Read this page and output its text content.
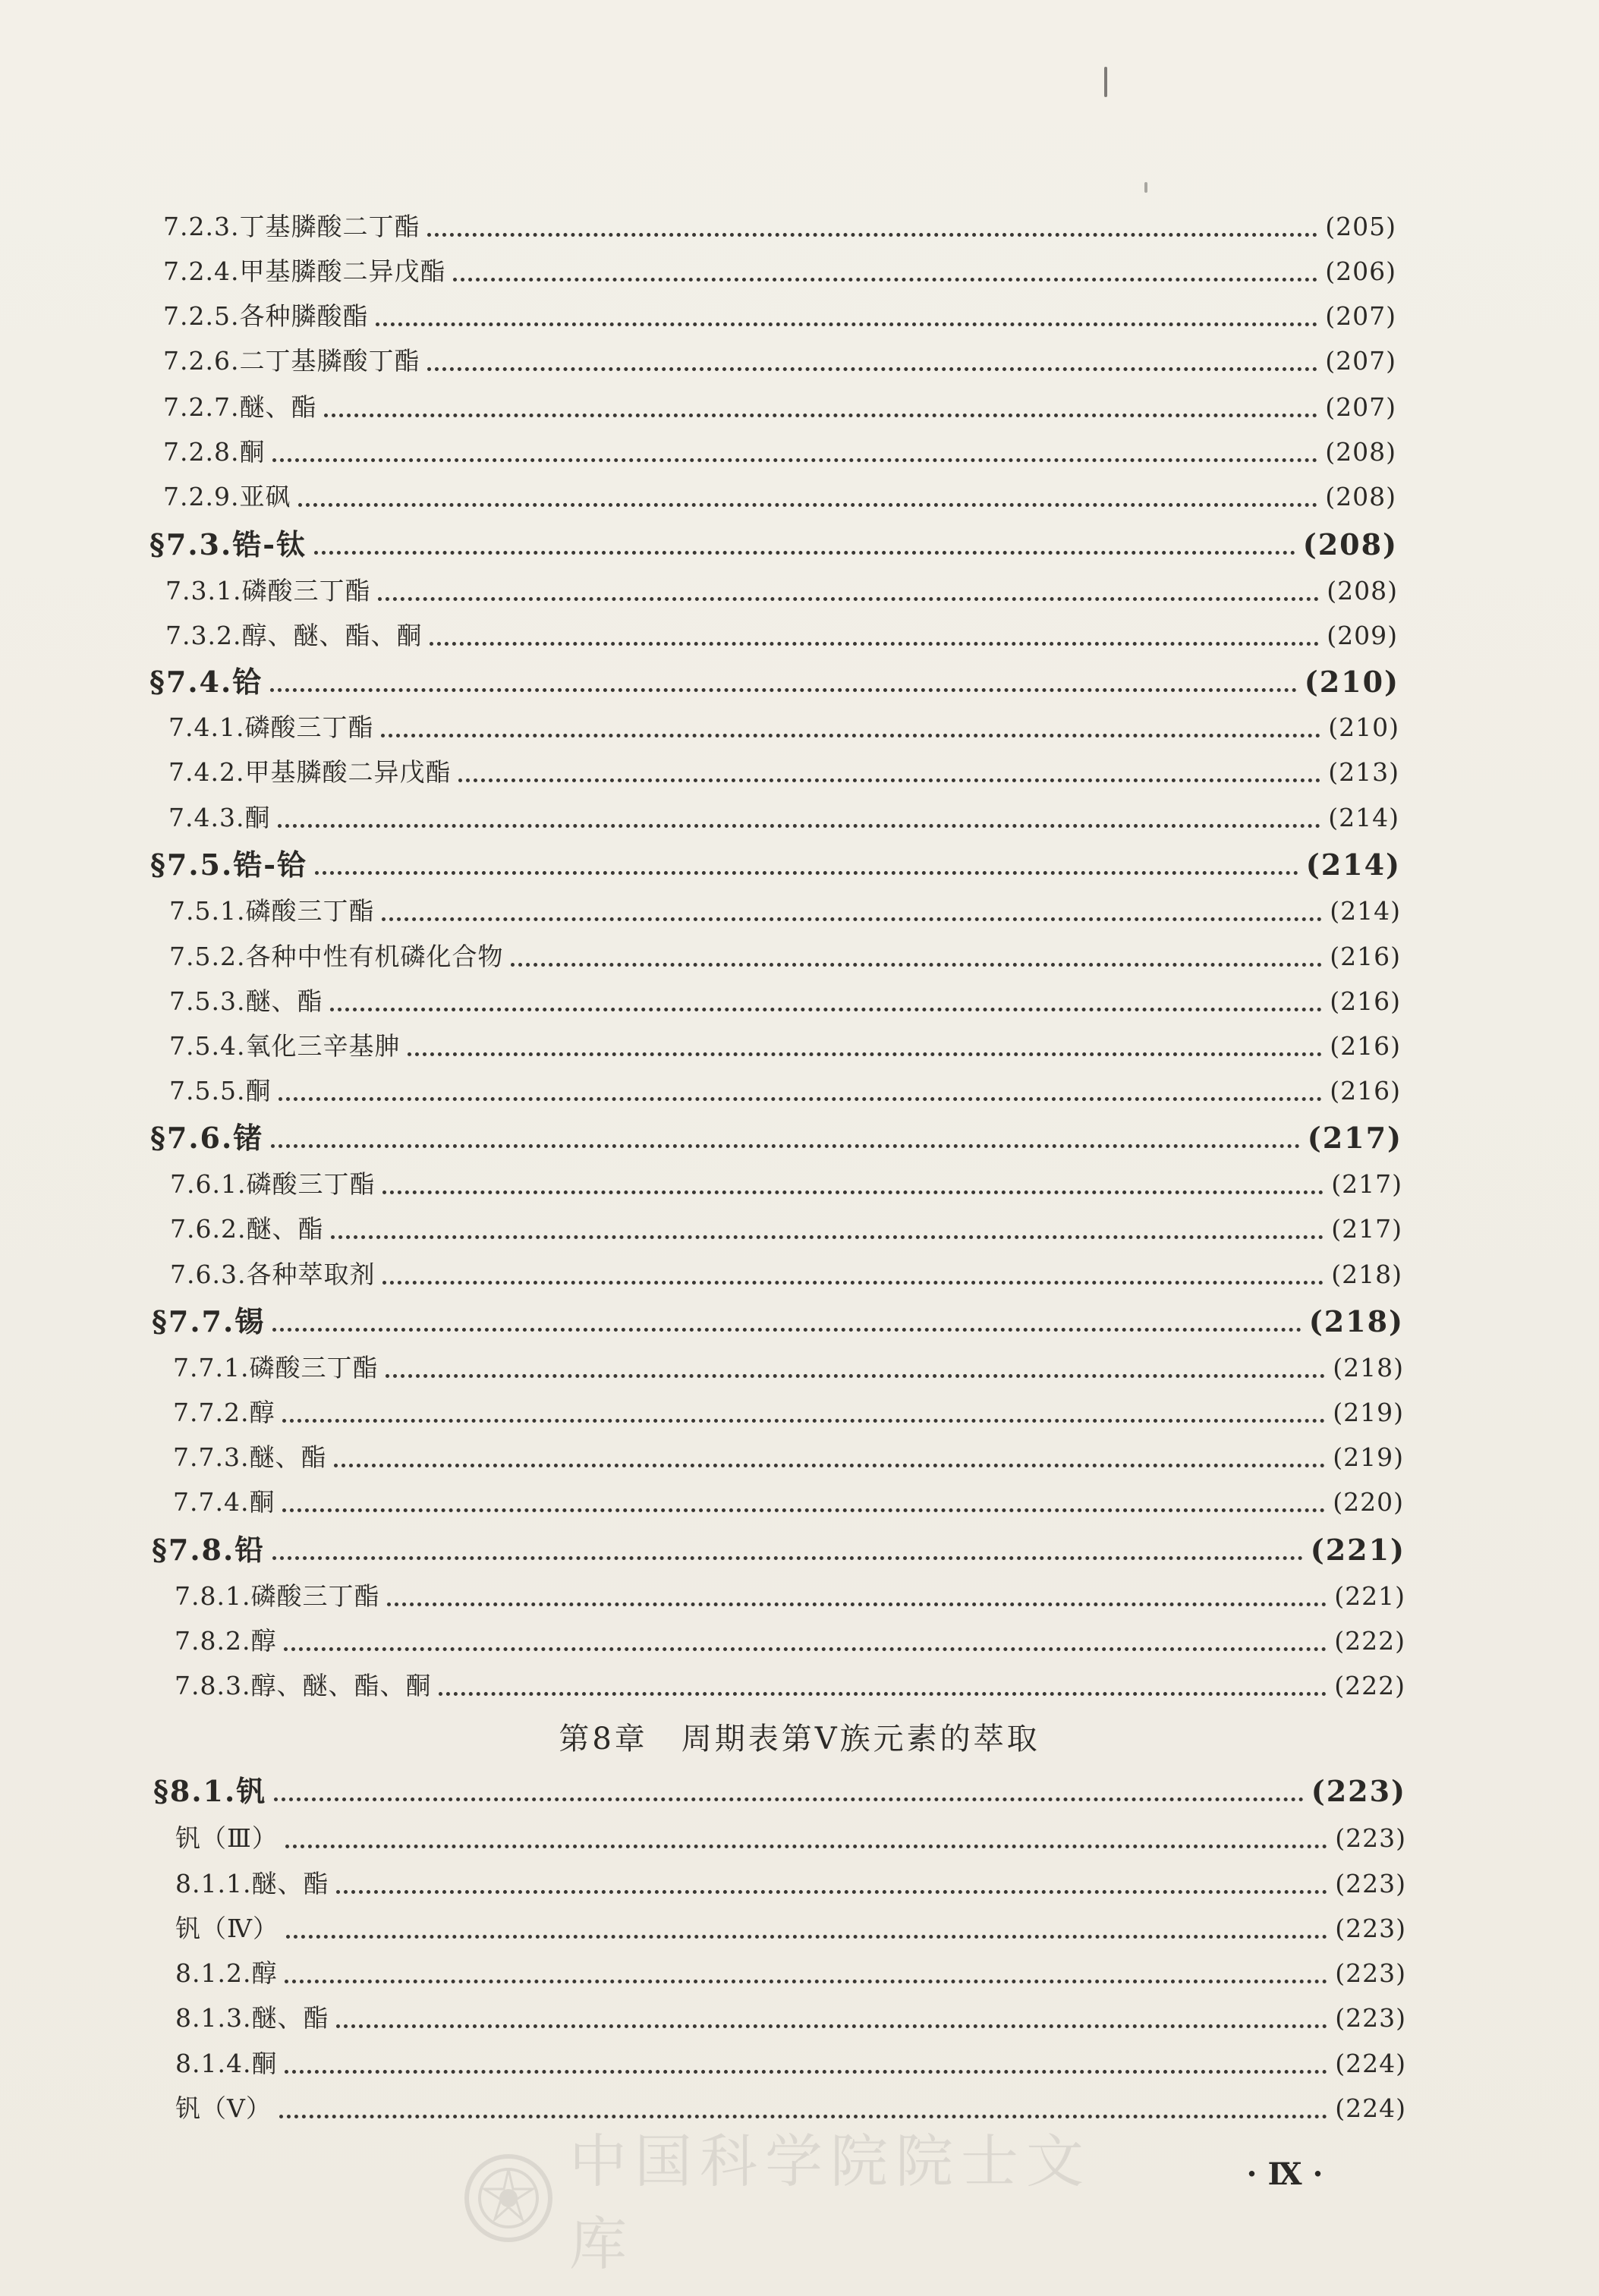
7.2.3.丁基膦酸二丁酯	(205)
7.2.4.甲基膦酸二异戊酯	(206)
7.2.5.各种膦酸酯	(207)
7.2.6.二丁基膦酸丁酯	(207)
7.2.7.醚、酯	(207)
7.2.8.酮	(208)
7.2.9.亚砜	(208)
§7.3.锆-钛	(208)
7.3.1.磷酸三丁酯	(208)
7.3.2.醇、醚、酯、酮	(209)
§7.4.铪	(210)
7.4.1.磷酸三丁酯	(210)
7.4.2.甲基膦酸二异戊酯	(213)
7.4.3.酮	(214)
§7.5.锆-铪	(214)
7.5.1.磷酸三丁酯	(214)
7.5.2.各种中性有机磷化合物	(216)
7.5.3.醚、酯	(216)
7.5.4.氧化三辛基胂	(216)
7.5.5.酮	(216)
§7.6.锗	(217)
7.6.1.磷酸三丁酯	(217)
7.6.2.醚、酯	(217)
7.6.3.各种萃取剂	(218)
§7.7.锡	(218)
7.7.1.磷酸三丁酯	(218)
7.7.2.醇	(219)
7.7.3.醚、酯	(219)
7.7.4.酮	(220)
§7.8.铅	(221)
7.8.1.磷酸三丁酯	(221)
7.8.2.醇	(222)
7.8.3.醇、醚、酯、酮	(222)
第8章　周期表第Ⅴ族元素的萃取
§8.1.钒	(223)
钒（Ⅲ）	(223)
8.1.1.醚、酯	(223)
钒（Ⅳ）	(223)
8.1.2.醇	(223)
8.1.3.醚、酯	(223)
8.1.4.酮	(224)
钒（Ⅴ）	(224)
中国科学院院士文库
·Ⅸ·
